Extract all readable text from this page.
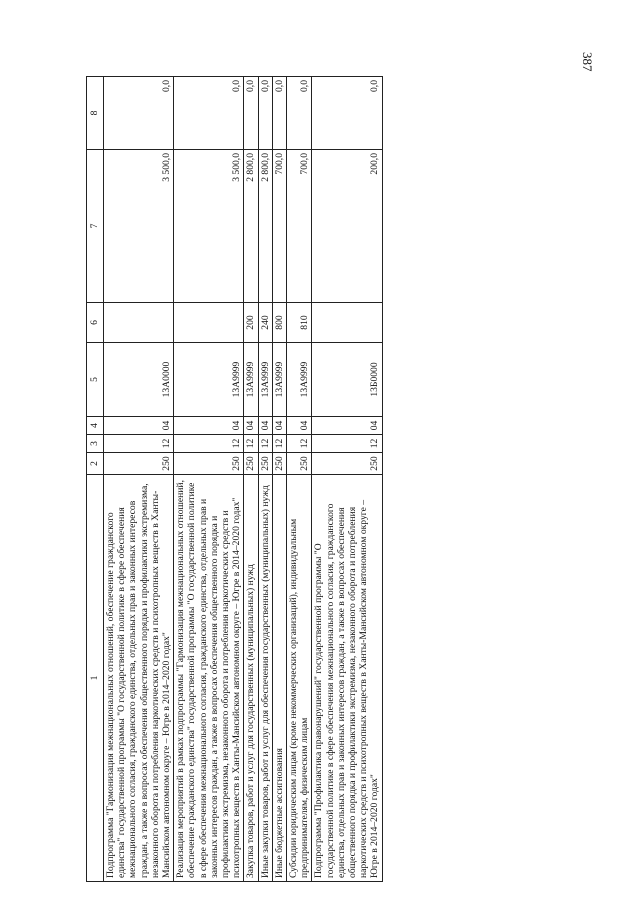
387
1	2	3	4	5	6	7	8
Подпрограмма "Гармонизация межнациональных отношений, обеспечение гражданского единства" государственной программы "О государственной политике в сфере обеспечения межнационального согласия, гражданского единства, отдельных прав и законных интересов граждан, а также в вопросах обеспечения общественного порядка и профилактики экстремизма, незаконного оборота и потребления наркотических средств и психотропных веществ в Ханты-Мансийском автономном округе – Югре в 2014–2020 годах"	250	12	04	13А0000		3 500,0	0,0
Реализация мероприятий в рамках подпрограммы "Гармонизация межнациональных отношений, обеспечение гражданского единства" государственной программы "О государственной политике в сфере обеспечения межнационального согласия, гражданского единства, отдельных прав и законных интересов граждан, а также в вопросах обеспечения общественного порядка и профилактики экстремизма, незаконного оборота и потребления наркотических средств и психотропных веществ в Ханты-Мансийском автономном округе – Югре в 2014–2020 годах"	250	12	04	13А9999		3 500,0	0,0
Закупка товаров, работ и услуг для государственных (муниципальных) нужд	250	12	04	13А9999	200	2 800,0	0,0
Иные закупки товаров, работ и услуг для обеспечения государственных (муниципальных) нужд	250	12	04	13А9999	240	2 800,0	0,0
Иные бюджетные ассигнования	250	12	04	13А9999	800	700,0	0,0
Субсидии юридическим лицам (кроме некоммерческих организаций), индивидуальным предпринимателям, физическим лицам	250	12	04	13А9999	810	700,0	0,0
Подпрограмма "Профилактика правонарушений" государственной программы "О государственной политике в сфере обеспечения межнационального согласия, гражданского единства, отдельных прав и законных интересов граждан, а также в вопросах обеспечения общественного порядка и профилактики экстремизма, незаконного оборота и потребления наркотических средств и психотропных веществ в Ханты-Мансийском автономном округе – Югре в 2014–2020 годах"	250	12	04	13Б0000		200,0	0,0
